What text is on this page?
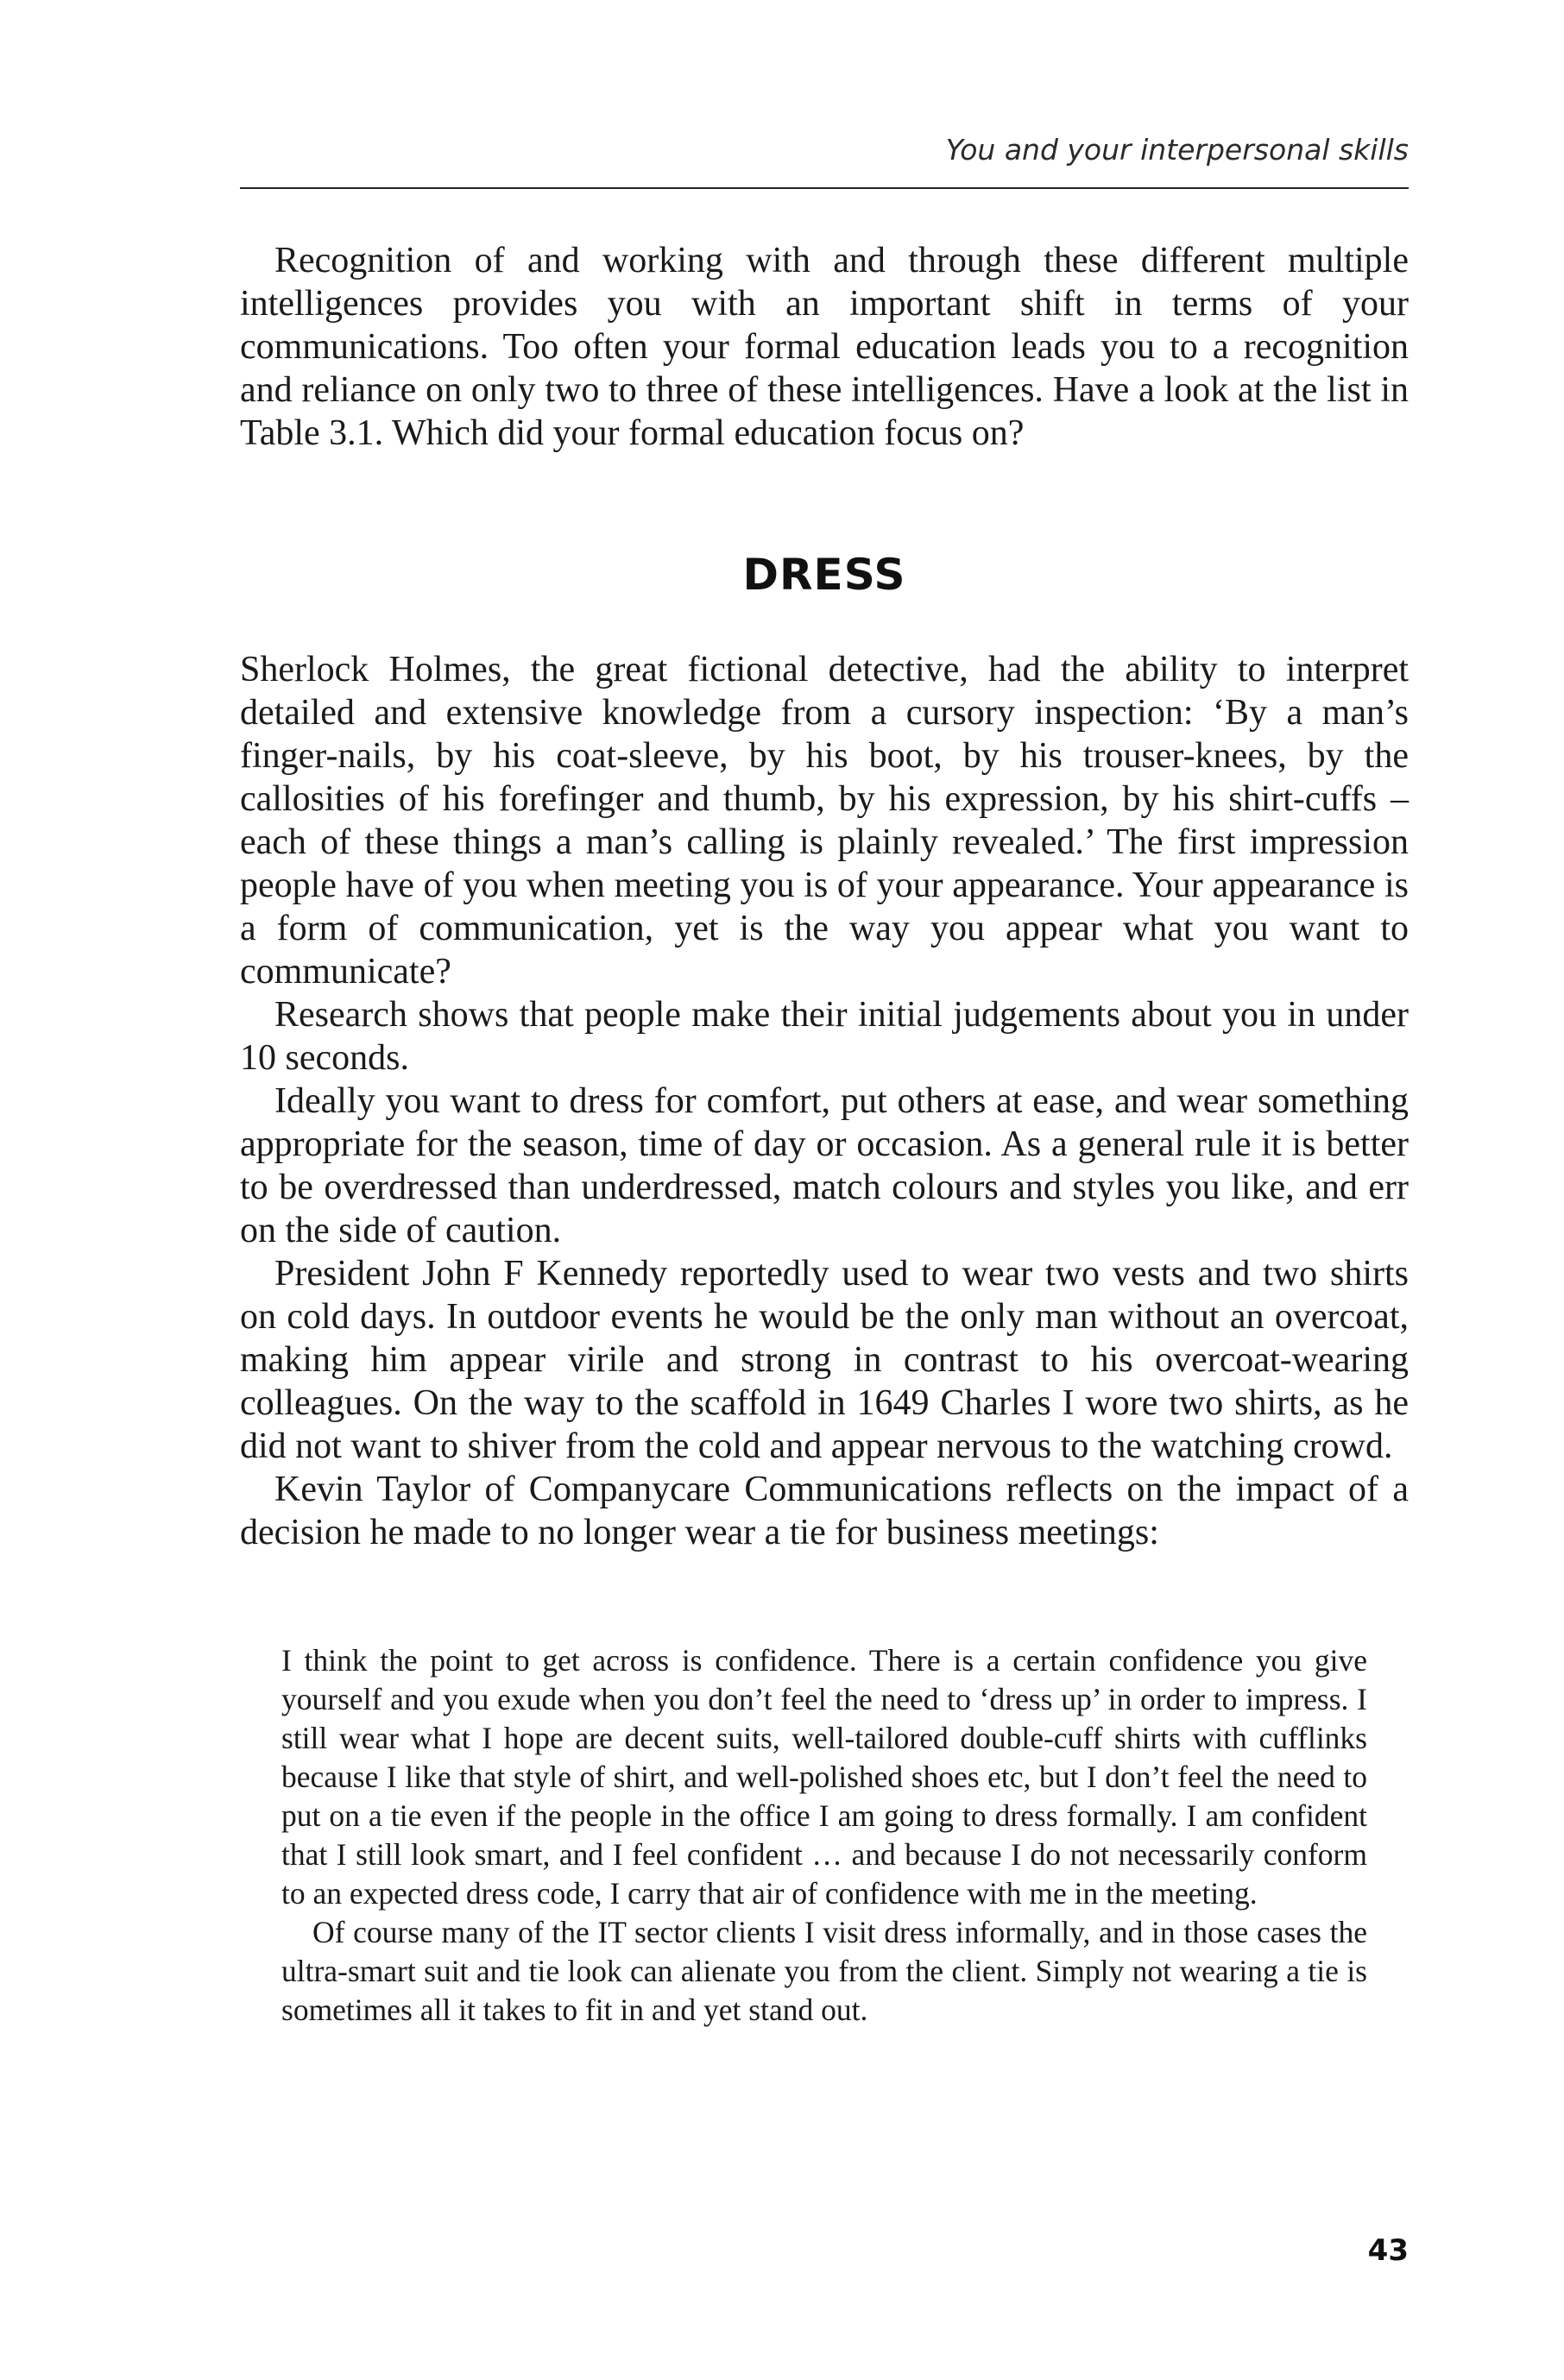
You and your interpersonal skills

Recognition of and working with and through these different multiple intelligences provides you with an important shift in terms of your communications. Too often your formal education leads you to a recognition and reliance on only two to three of these intelligences. Have a look at the list in Table 3.1. Which did your formal education focus on?

DRESS

Sherlock Holmes, the great fictional detective, had the ability to interpret detailed and extensive knowledge from a cursory inspection: ‘By a man’s finger-nails, by his coat-sleeve, by his boot, by his trouser-knees, by the callosities of his forefinger and thumb, by his expression, by his shirt-cuffs – each of these things a man’s calling is plainly revealed.’ The first impression people have of you when meeting you is of your appearance. Your appearance is a form of communication, yet is the way you appear what you want to communicate?

Research shows that people make their initial judgements about you in under 10 seconds.

Ideally you want to dress for comfort, put others at ease, and wear something appropriate for the season, time of day or occasion. As a general rule it is better to be overdressed than underdressed, match colours and styles you like, and err on the side of caution.

President John F Kennedy reportedly used to wear two vests and two shirts on cold days. In outdoor events he would be the only man without an overcoat, making him appear virile and strong in contrast to his overcoat-wearing colleagues. On the way to the scaffold in 1649 Charles I wore two shirts, as he did not want to shiver from the cold and appear nervous to the watching crowd.

Kevin Taylor of Companycare Communications reflects on the impact of a decision he made to no longer wear a tie for business meetings:

I think the point to get across is confidence. There is a certain confidence you give yourself and you exude when you don’t feel the need to ‘dress up’ in order to impress. I still wear what I hope are decent suits, well-tailored double-cuff shirts with cufflinks because I like that style of shirt, and well-polished shoes etc, but I don’t feel the need to put on a tie even if the people in the office I am going to dress formally. I am confident that I still look smart, and I feel confident … and because I do not necessarily conform to an expected dress code, I carry that air of confidence with me in the meeting.

Of course many of the IT sector clients I visit dress informally, and in those cases the ultra-smart suit and tie look can alienate you from the client. Simply not wearing a tie is sometimes all it takes to fit in and yet stand out.

43
